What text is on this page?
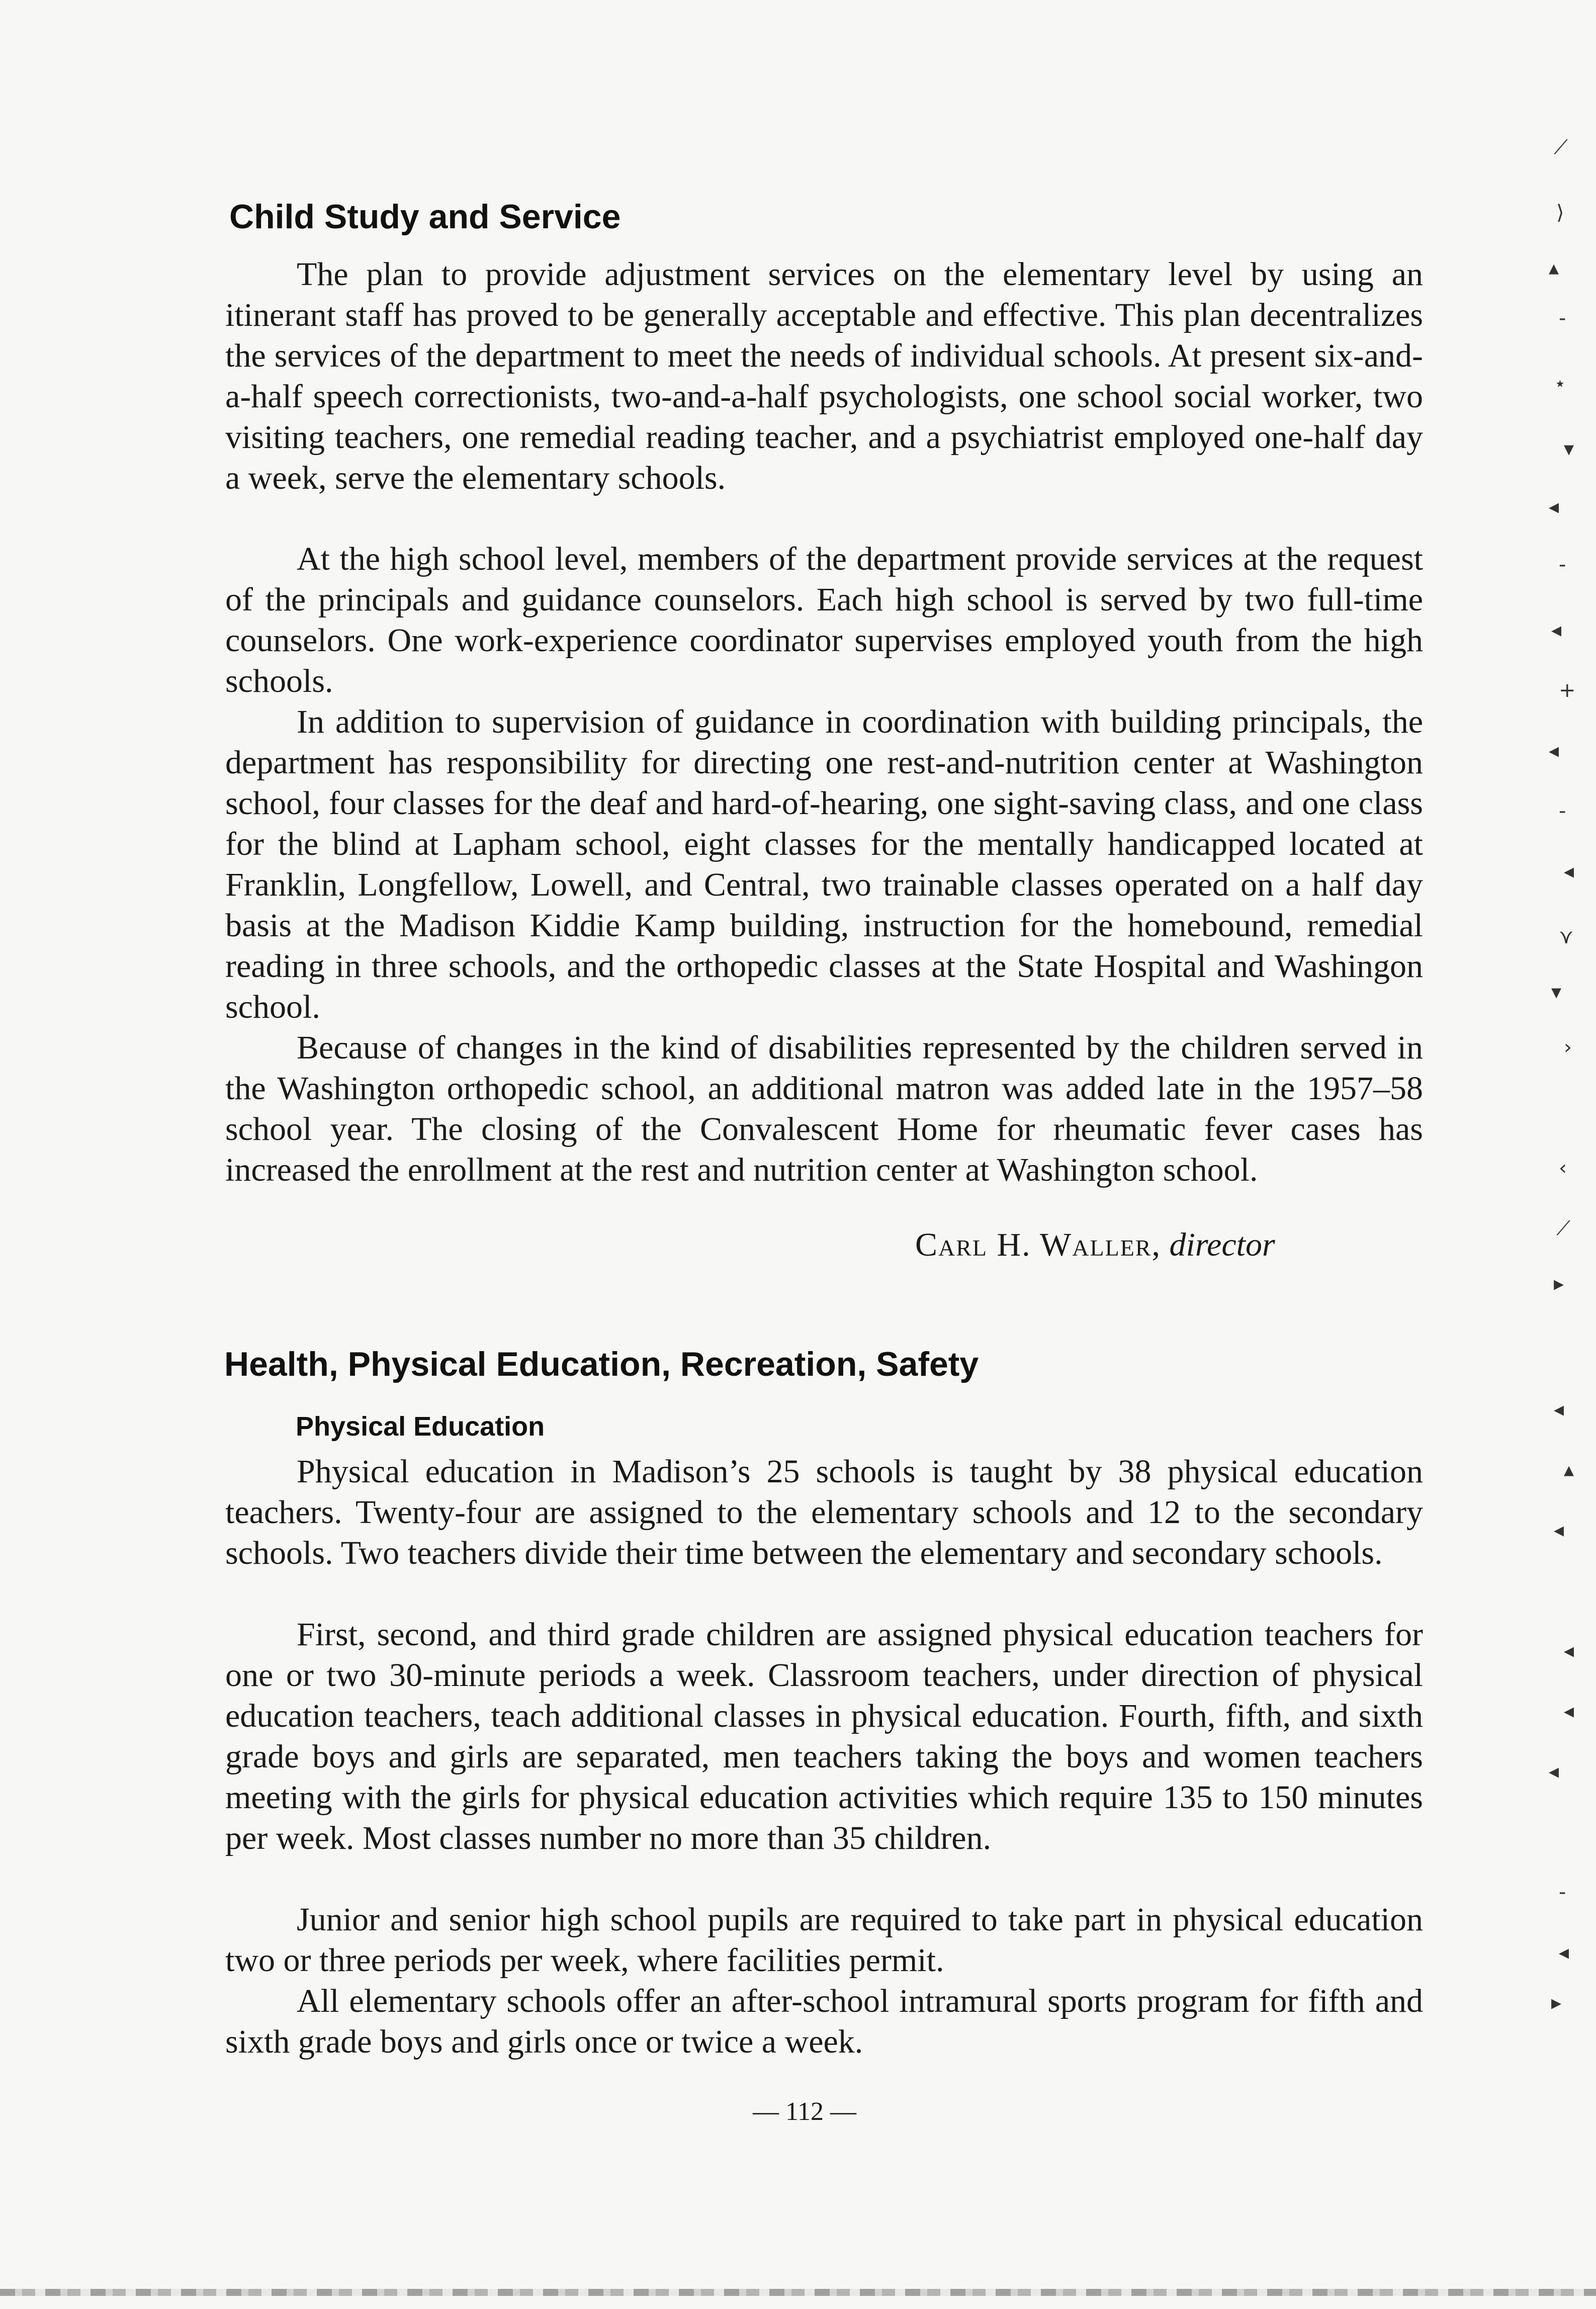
Child Study and Service

The plan to provide adjustment services on the elementary level by using an itinerant staff has proved to be generally acceptable and effective. This plan decentralizes the services of the department to meet the needs of individual schools. At present six-and-a-half speech correctionists, two-and-a-half psychologists, one school social worker, two visiting teachers, one remedial reading teacher, and a psychiatrist employed one-half day a week, serve the elementary schools.

At the high school level, members of the department provide services at the request of the principals and guidance counselors. Each high school is served by two full-time counselors. One work-experience coordinator supervises employed youth from the high schools.

In addition to supervision of guidance in coordination with building principals, the department has responsibility for directing one rest-and-nutrition center at Washington school, four classes for the deaf and hard-of-hearing, one sight-saving class, and one class for the blind at Lapham school, eight classes for the mentally handicapped located at Franklin, Longfellow, Lowell, and Central, two trainable classes operated on a half day basis at the Madison Kiddie Kamp building, instruction for the homebound, remedial reading in three schools, and the orthopedic classes at the State Hospital and Washingon school.

Because of changes in the kind of disabilities represented by the children served in the Washington orthopedic school, an additional matron was added late in the 1957–58 school year. The closing of the Convalescent Home for rheumatic fever cases has increased the enrollment at the rest and nutrition center at Washington school.

Carl H. Waller, director
Health, Physical Education, Recreation, Safety
Physical Education

Physical education in Madison’s 25 schools is taught by 38 physical education teachers. Twenty-four are assigned to the elementary schools and 12 to the secondary schools. Two teachers divide their time between the elementary and secondary schools.

First, second, and third grade children are assigned physical education teachers for one or two 30-minute periods a week. Classroom teachers, under direction of physical education teachers, teach additional classes in physical education. Fourth, fifth, and sixth grade boys and girls are separated, men teachers taking the boys and women teachers meeting with the girls for physical education activities which require 135 to 150 minutes per week. Most classes number no more than 35 children.

Junior and senior high school pupils are required to take part in physical education two or three periods per week, where facilities permit.

All elementary schools offer an after-school intramural sports program for fifth and sixth grade boys and girls once or twice a week.

— 112 —
⟋
⟩
▴
‐
⋆
▾
◂
‐
◂
+
◂
‐
◂
⋎
▾
›
‹
⟋
▸
◂
▴
◂
◂
◂
◂
‐
◂
▸
